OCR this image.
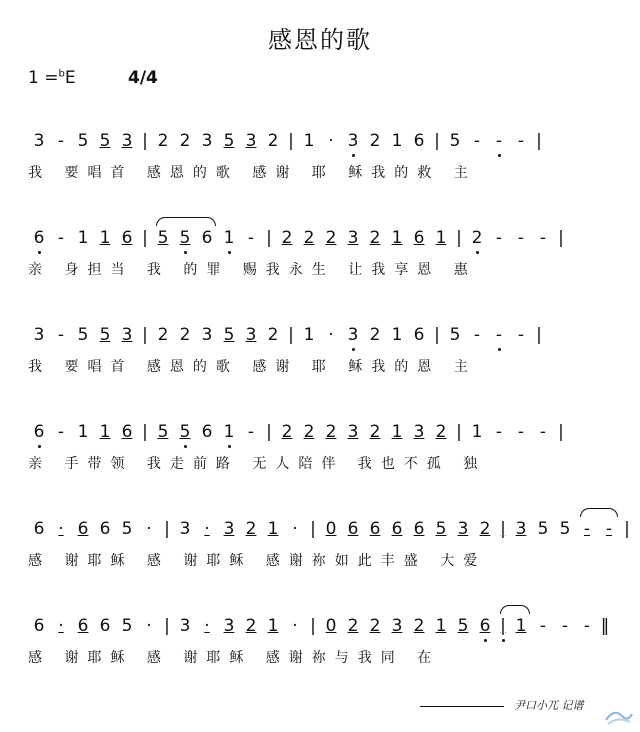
感恩的歌
1 =$^b$E	4/4
3 - 5 5 3 | 2 2 3 5 3 2 | 1 · 3 2 1 6 | 5 - - - |
我 要唱首 感恩的歌 感谢 耶 稣我的救 主
6 - 1 1 6 | 5 5 6 1 - | 2 2 2 3 2 1 6 1 | 2 - - - |
亲 身担当 我 的罪 赐我永生 让我享恩 惠
3 - 5 5 3 | 2 2 3 5 3 2 | 1 · 3 2 1 6 | 5 - - - |
我 要唱首 感恩的歌 感谢 耶 稣我的恩 主
6 - 1 1 6 | 5 5 6 1 - | 2 2 2 3 2 1 3 2 | 1 - - - |
亲 手带领 我走前路 无人陪伴 我也不孤 独
6 · 6 6 5 · | 3 · 3 2 1 · | 0 6 6 6 6 5 3 2 | 3 5 5 - - |
感 谢耶稣 感 谢耶稣 感谢祢如此丰盛 大爱
6 · 6 6 5 · | 3 · 3 2 1 · | 0 2 2 3 2 1 5 6 | 1 - - - ‖
感 谢耶稣 感 谢耶稣 感谢祢与我同 在
尹口小兀 记谱
